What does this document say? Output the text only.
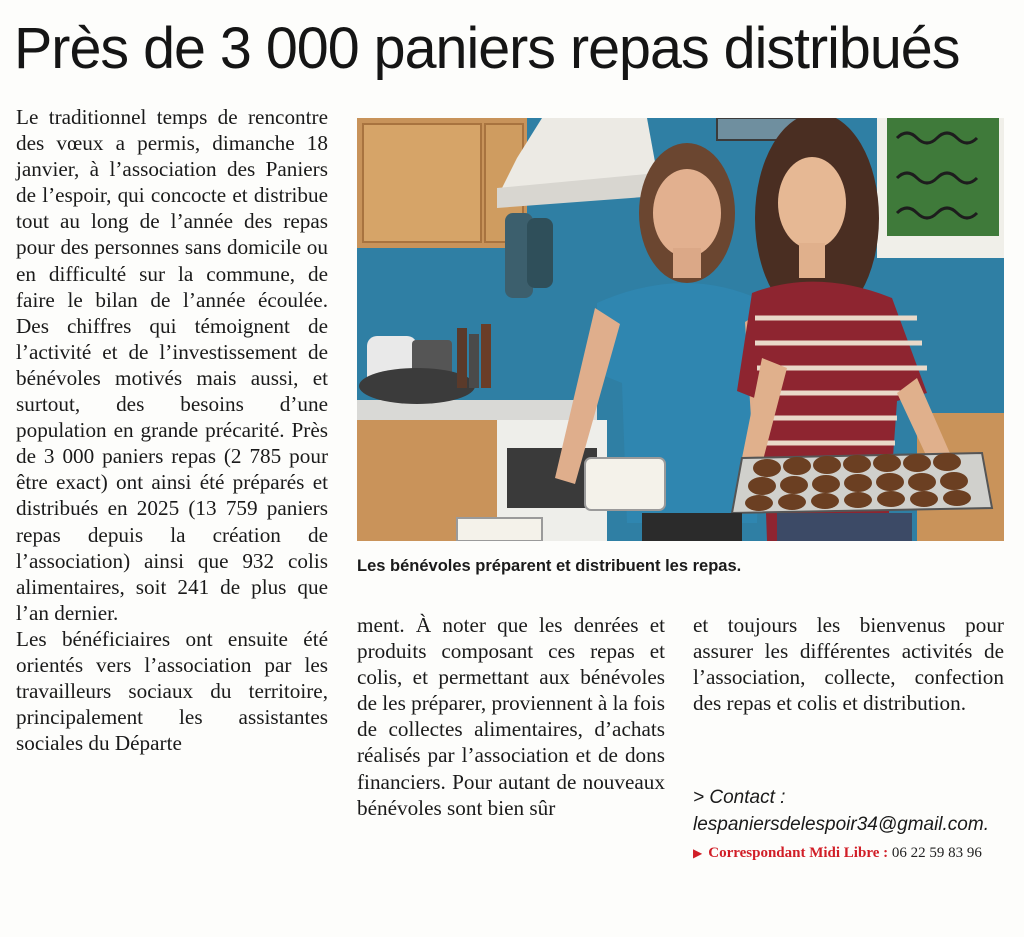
Près de 3 000 paniers repas distribués

Le traditionnel temps de rencontre des vœux a permis, dimanche 18 janvier, à l’association des Paniers de l’espoir, qui concocte et distribue tout au long de l’année des repas pour des personnes sans domicile ou en difficulté sur la commune, de faire le bilan de l’année écoulée. Des chiffres qui témoignent de l’activité et de l’investissement de bénévoles motivés mais aussi, et surtout, des besoins d’une population en grande précarité. Près de 3 000 paniers repas (2 785 pour être exact) ont ainsi été préparés et distribués en 2025 (13 759 paniers repas depuis la création de l’association) ainsi que 932 colis alimentaires, soit 241 de plus que l’an dernier.

Les bénéficiaires ont ensuite été orientés vers l’association par les travailleurs sociaux du territoire, principalement les assistantes sociales du Départe

Les bénévoles préparent et distribuent les repas.

ment. À noter que les denrées et produits composant ces repas et colis, et permettant aux bénévoles de les préparer, proviennent à la fois de collectes alimentaires, d’achats réalisés par l’association et de dons financiers. Pour autant de nouveaux bénévoles sont bien sûr

et toujours les bienvenus pour assurer les différentes activités de l’association, collecte, confection des repas et colis et distribution.

> Contact :
lespaniersdelespoir34@gmail.com.
▶ Correspondant Midi Libre : 06 22 59 83 96
